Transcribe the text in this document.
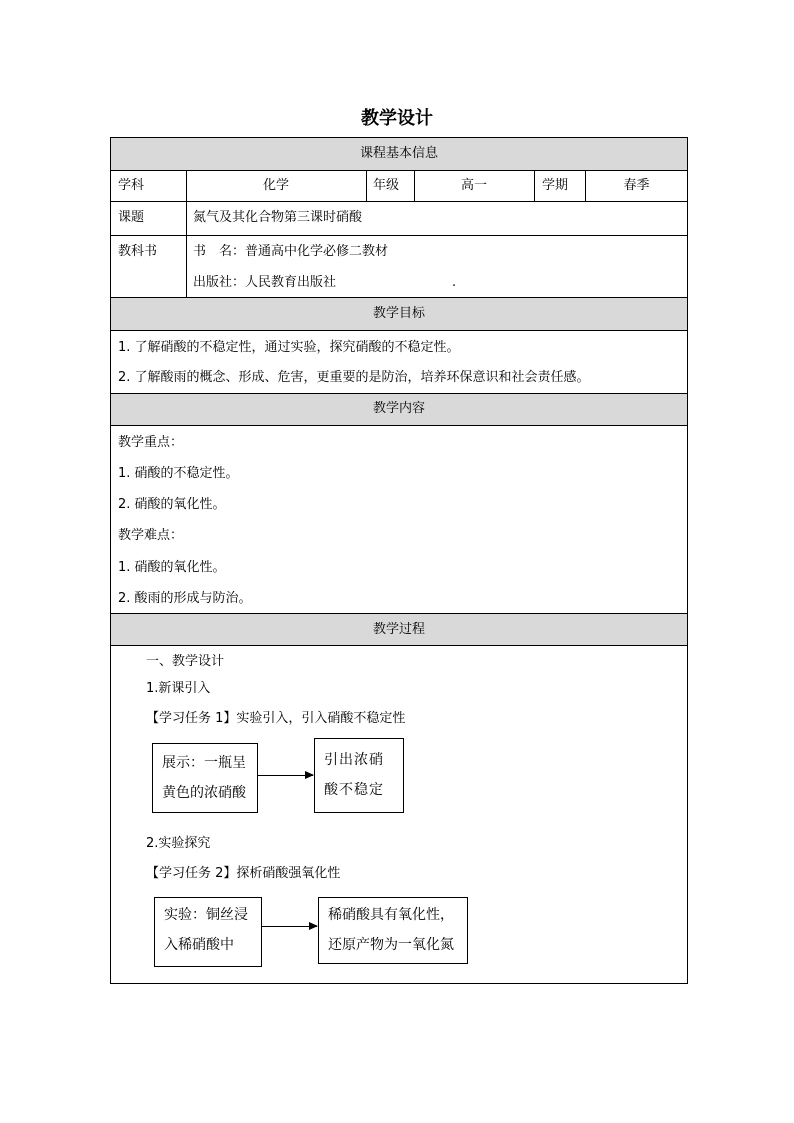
教学设计
课程基本信息
学科	化学	年级	高一	学期	春季
课题	氮气及其化合物第三课时硝酸
教科书	书　名：普通高中化学必修二教材
出版社：人民教育出版社	.
教学目标
1. 了解硝酸的不稳定性，通过实验，探究硝酸的不稳定性。
2. 了解酸雨的概念、形成、危害，更重要的是防治，培养环保意识和社会责任感。
教学内容
教学重点：
1. 硝酸的不稳定性。
2. 硝酸的氧化性。
教学难点：
1. 硝酸的氧化性。
2. 酸雨的形成与防治。
教学过程
一、教学设计
1.新课引入
【学习任务 1】实验引入，引入硝酸不稳定性
展示：一瓶呈黄色的浓硝酸
引出浓硝酸不稳定
2.实验探究
【学习任务 2】探析硝酸强氧化性
实验：铜丝浸入稀硝酸中
稀硝酸具有氧化性，还原产物为一氧化氮
